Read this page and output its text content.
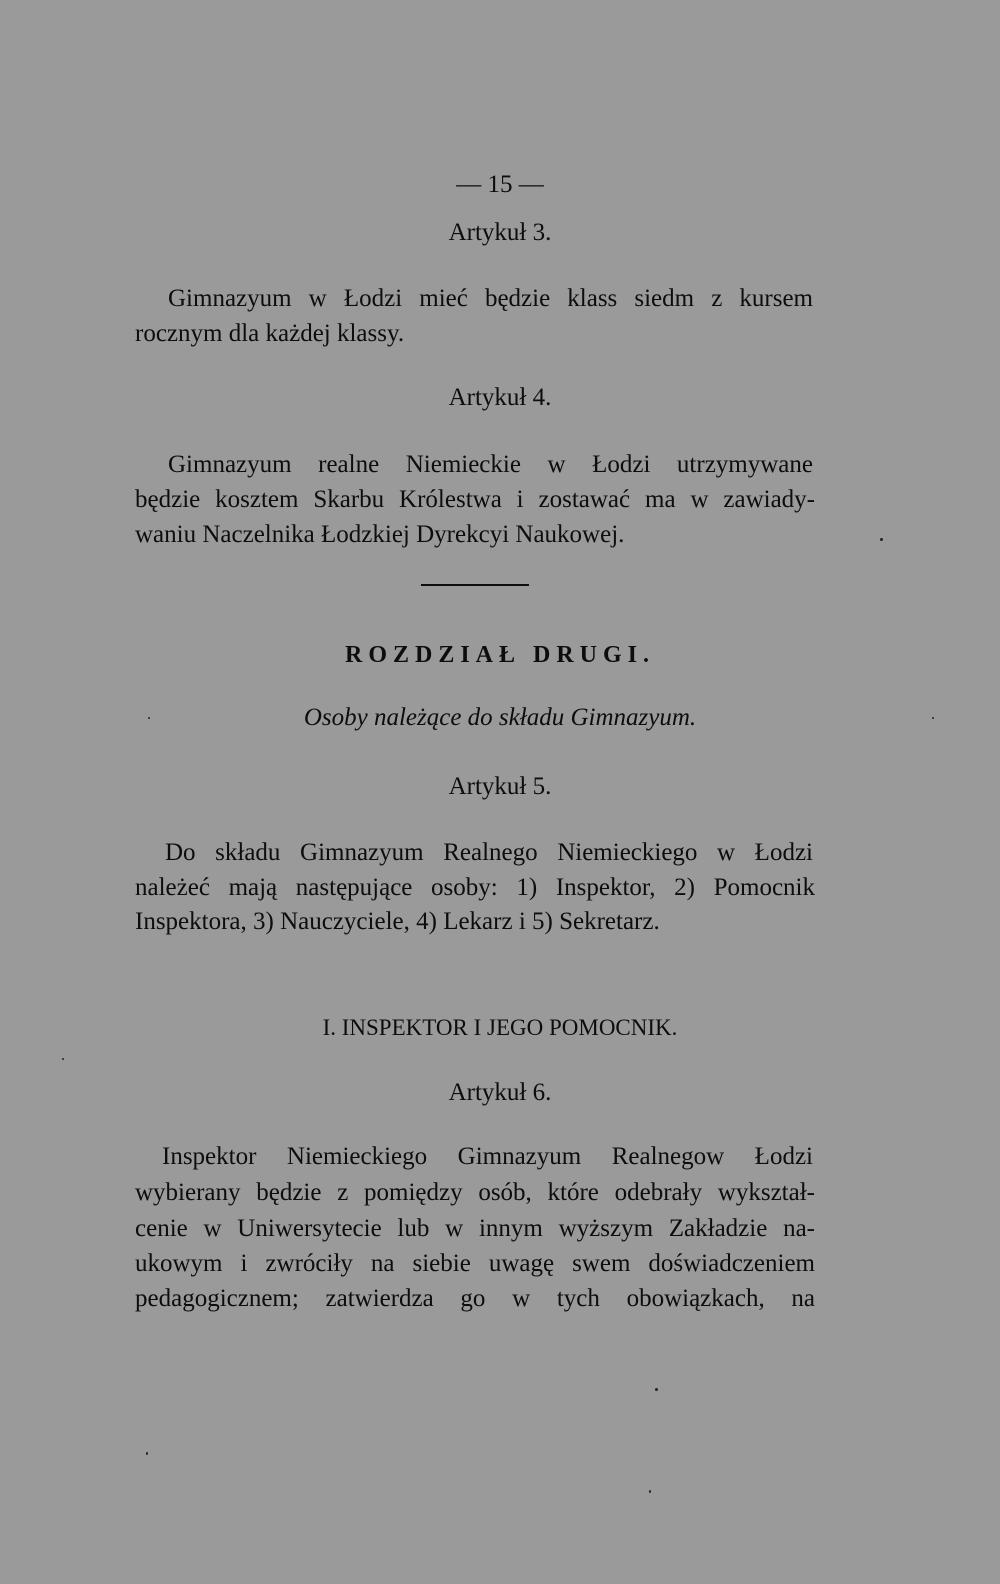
— 15 —
Artykuł 3.
Gimnazyum w Łodzi mieć będzie klass siedm z kursem
rocznym dla każdej klassy.
Artykuł 4.
Gimnazyum realne Niemieckie w Łodzi utrzymywane
będzie kosztem Skarbu Królestwa i zostawać ma w zawiady-
waniu Naczelnika Łodzkiej Dyrekcyi Naukowej.
ROZDZIAŁ DRUGI.
Osoby należące do składu Gimnazyum.
Artykuł 5.
Do składu Gimnazyum Realnego Niemieckiego w Łodzi
należeć mają następujące osoby: 1) Inspektor, 2) Pomocnik
Inspektora, 3) Nauczyciele, 4) Lekarz i 5) Sekretarz.
I. INSPEKTOR I JEGO POMOCNIK.
Artykuł 6.
Inspektor Niemieckiego Gimnazyum Realnegow Łodzi
wybierany będzie z pomiędzy osób, które odebrały wykształ-
cenie w Uniwersytecie lub w innym wyższym Zakładzie na-
ukowym i zwróciły na siebie uwagę swem doświadczeniem
pedagogicznem; zatwierdza go w tych obowiązkach, na
